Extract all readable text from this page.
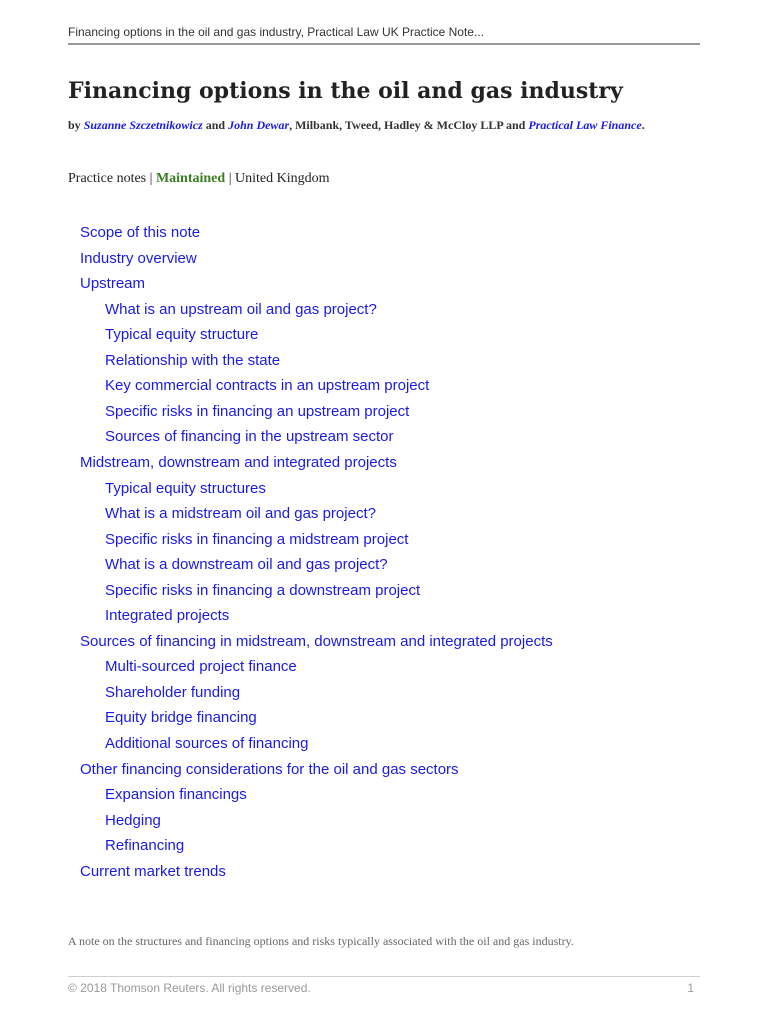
Financing options in the oil and gas industry, Practical Law UK Practice Note...
Financing options in the oil and gas industry
by Suzanne Szczetnikowicz and John Dewar, Milbank, Tweed, Hadley & McCloy LLP and Practical Law Finance.
Practice notes | Maintained | United Kingdom
Scope of this note
Industry overview
Upstream
What is an upstream oil and gas project?
Typical equity structure
Relationship with the state
Key commercial contracts in an upstream project
Specific risks in financing an upstream project
Sources of financing in the upstream sector
Midstream, downstream and integrated projects
Typical equity structures
What is a midstream oil and gas project?
Specific risks in financing a midstream project
What is a downstream oil and gas project?
Specific risks in financing a downstream project
Integrated projects
Sources of financing in midstream, downstream and integrated projects
Multi-sourced project finance
Shareholder funding
Equity bridge financing
Additional sources of financing
Other financing considerations for the oil and gas sectors
Expansion financings
Hedging
Refinancing
Current market trends
A note on the structures and financing options and risks typically associated with the oil and gas industry.
© 2018 Thomson Reuters. All rights reserved.	1
